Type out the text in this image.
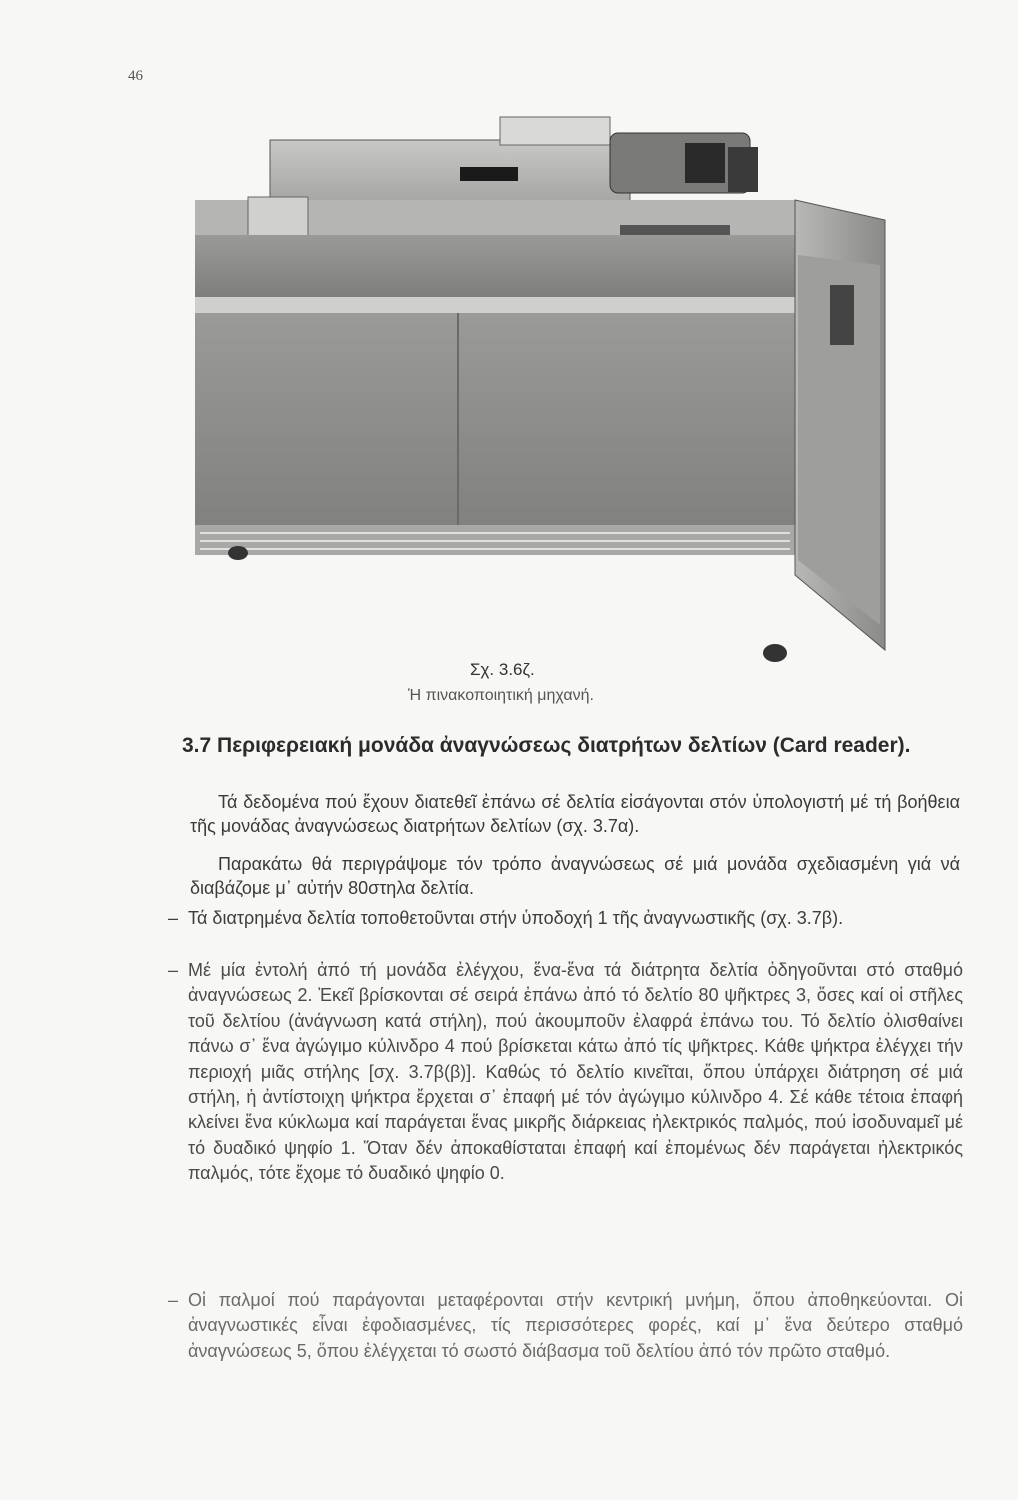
46
Σχ. 3.6ζ.
Ἡ πινακοποιητική μηχανή.
3.7 Περιφερειακή μονάδα ἀναγνώσεως διατρήτων δελτίων (Card reader).

Τά δεδομένα πού ἔχουν διατεθεῖ ἐπάνω σέ δελτία εἰσάγονται στόν ὑπολογιστή μέ τή βοήθεια τῆς μονάδας ἀναγνώσεως διατρήτων δελτίων (σχ. 3.7α).

Παρακάτω θά περιγράψομε τόν τρόπο ἀναγνώσεως σέ μιά μονάδα σχεδιασμένη γιά νά διαβάζομε μ᾽ αὐτήν 80στηλα δελτία.

– Τά διατρημένα δελτία τοποθετοῦνται στήν ὑποδοχή 1 τῆς ἀναγνωστικῆς (σχ. 3.7β).
– Μέ μία ἐντολή ἀπό τή μονάδα ἐλέγχου, ἕνα-ἕνα τά διάτρητα δελτία ὁδηγοῦνται στό σταθμό ἀναγνώσεως 2. Ἐκεῖ βρίσκονται σέ σειρά ἐπάνω ἀπό τό δελτίο 80 ψῆκτρες 3, ὅσες καί οἱ στῆλες τοῦ δελτίου (ἀνάγνωση κατά στήλη), πού ἀκουμποῦν ἐλαφρά ἐπάνω του. Τό δελτίο ὀλισθαίνει πάνω σ᾽ ἕνα ἀγώγιμο κύλινδρο 4 πού βρίσκεται κάτω ἀπό τίς ψῆκτρες. Κάθε ψήκτρα ἐλέγχει τήν περιοχή μιᾶς στήλης [σχ. 3.7β(β)]. Καθώς τό δελτίο κινεῖται, ὅπου ὑπάρχει διάτρηση σέ μιά στήλη, ἡ ἀντίστοιχη ψήκτρα ἔρχεται σ᾽ ἐπαφή μέ τόν ἀγώγιμο κύλινδρο 4. Σέ κάθε τέτοια ἐπαφή κλείνει ἕνα κύκλωμα καί παράγεται ἕνας μικρῆς διάρκειας ἠλεκτρικός παλμός, πού ἰσοδυναμεῖ μέ τό δυαδικό ψηφίο 1. Ὅταν δέν ἀποκαθίσταται ἐπαφή καί ἐπομένως δέν παράγεται ἠλεκτρικός παλμός, τότε ἔχομε τό δυαδικό ψηφίο 0.
– Οἱ παλμοί πού παράγονται μεταφέρονται στήν κεντρική μνήμη, ὅπου ἀποθηκεύονται. Οἱ ἀναγνωστικές εἶναι ἐφοδιασμένες, τίς περισσότερες φορές, καί μ᾽ ἕνα δεύτερο σταθμό ἀναγνώσεως 5, ὅπου ἐλέγχεται τό σωστό διάβασμα τοῦ δελτίου ἀπό τόν πρῶτο σταθμό.
